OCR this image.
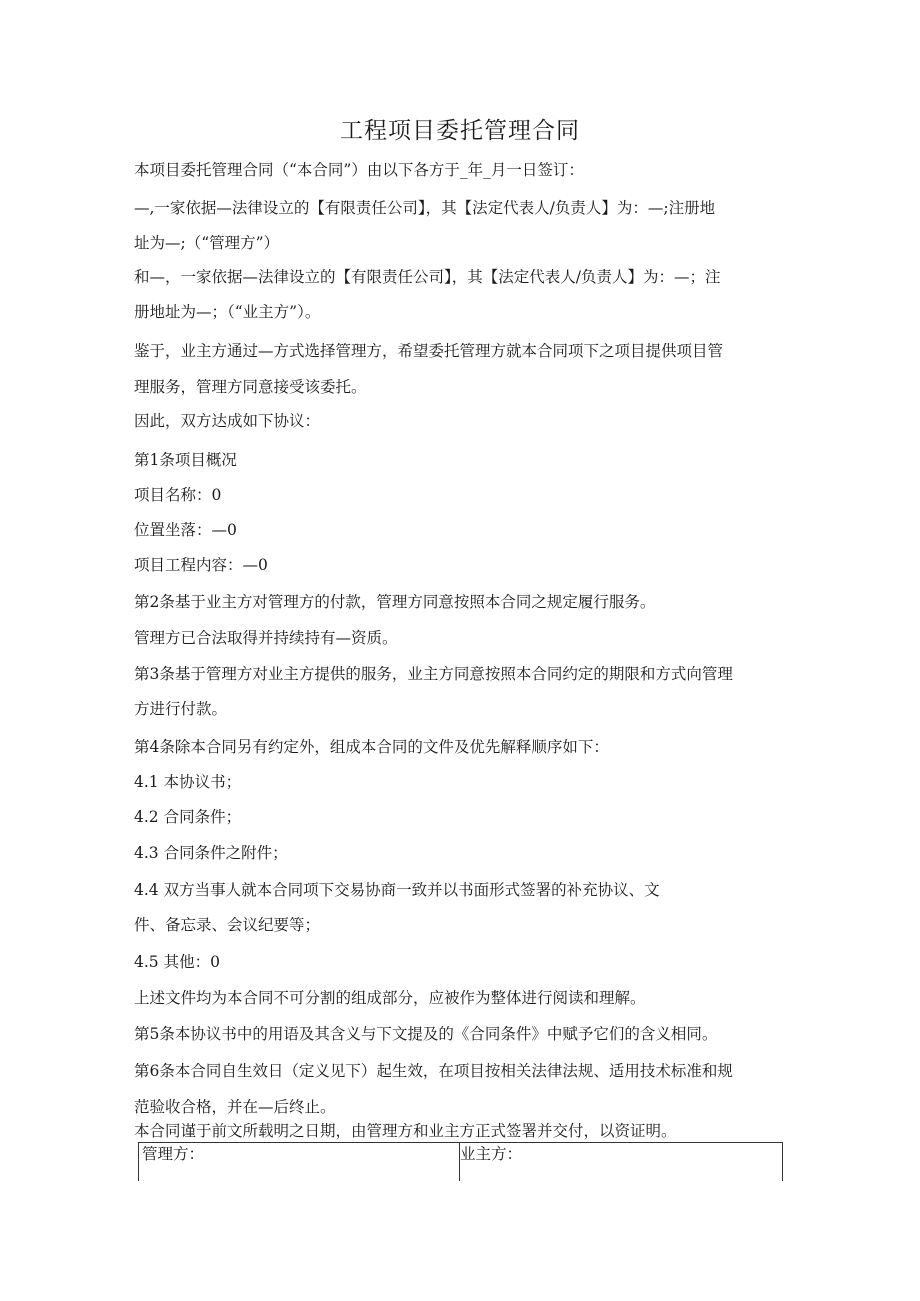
工程项目委托管理合同
本项目委托管理合同（“本合同”）由以下各方于_年_月一日签订：
—,一家依据—法律设立的【有限责任公司】，其【法定代表人/负责人】为：—;注册地
址为—;（“管理方”）
和—，一家依据—法律设立的【有限责任公司】，其【法定代表人/负责人】为：—；注
册地址为—；（“业主方”）。
鉴于，业主方通过—方式选择管理方，希望委托管理方就本合同项下之项目提供项目管
理服务，管理方同意接受该委托。
因此，双方达成如下协议：
第1条项目概况
项目名称：0
位置坐落：—0
项目工程内容：—0
第2条基于业主方对管理方的付款，管理方同意按照本合同之规定履行服务。
管理方已合法取得并持续持有—资质。
第3条基于管理方对业主方提供的服务，业主方同意按照本合同约定的期限和方式向管理
方进行付款。
第4条除本合同另有约定外，组成本合同的文件及优先解释顺序如下：
4.1 本协议书；
4.2 合同条件；
4.3 合同条件之附件；
4.4 双方当事人就本合同项下交易协商一致并以书面形式签署的补充协议、文
件、备忘录、会议纪要等；
4.5 其他：0
上述文件均为本合同不可分割的组成部分，应被作为整体进行阅读和理解。
第5条本协议书中的用语及其含义与下文提及的《合同条件》中赋予它们的含义相同。
第6条本合同自生效日（定义见下）起生效，在项目按相关法律法规、适用技术标准和规
范验收合格，并在—后终止。
本合同谨于前文所载明之日期，由管理方和业主方正式签署并交付，以资证明。
管理方：	业主方：
